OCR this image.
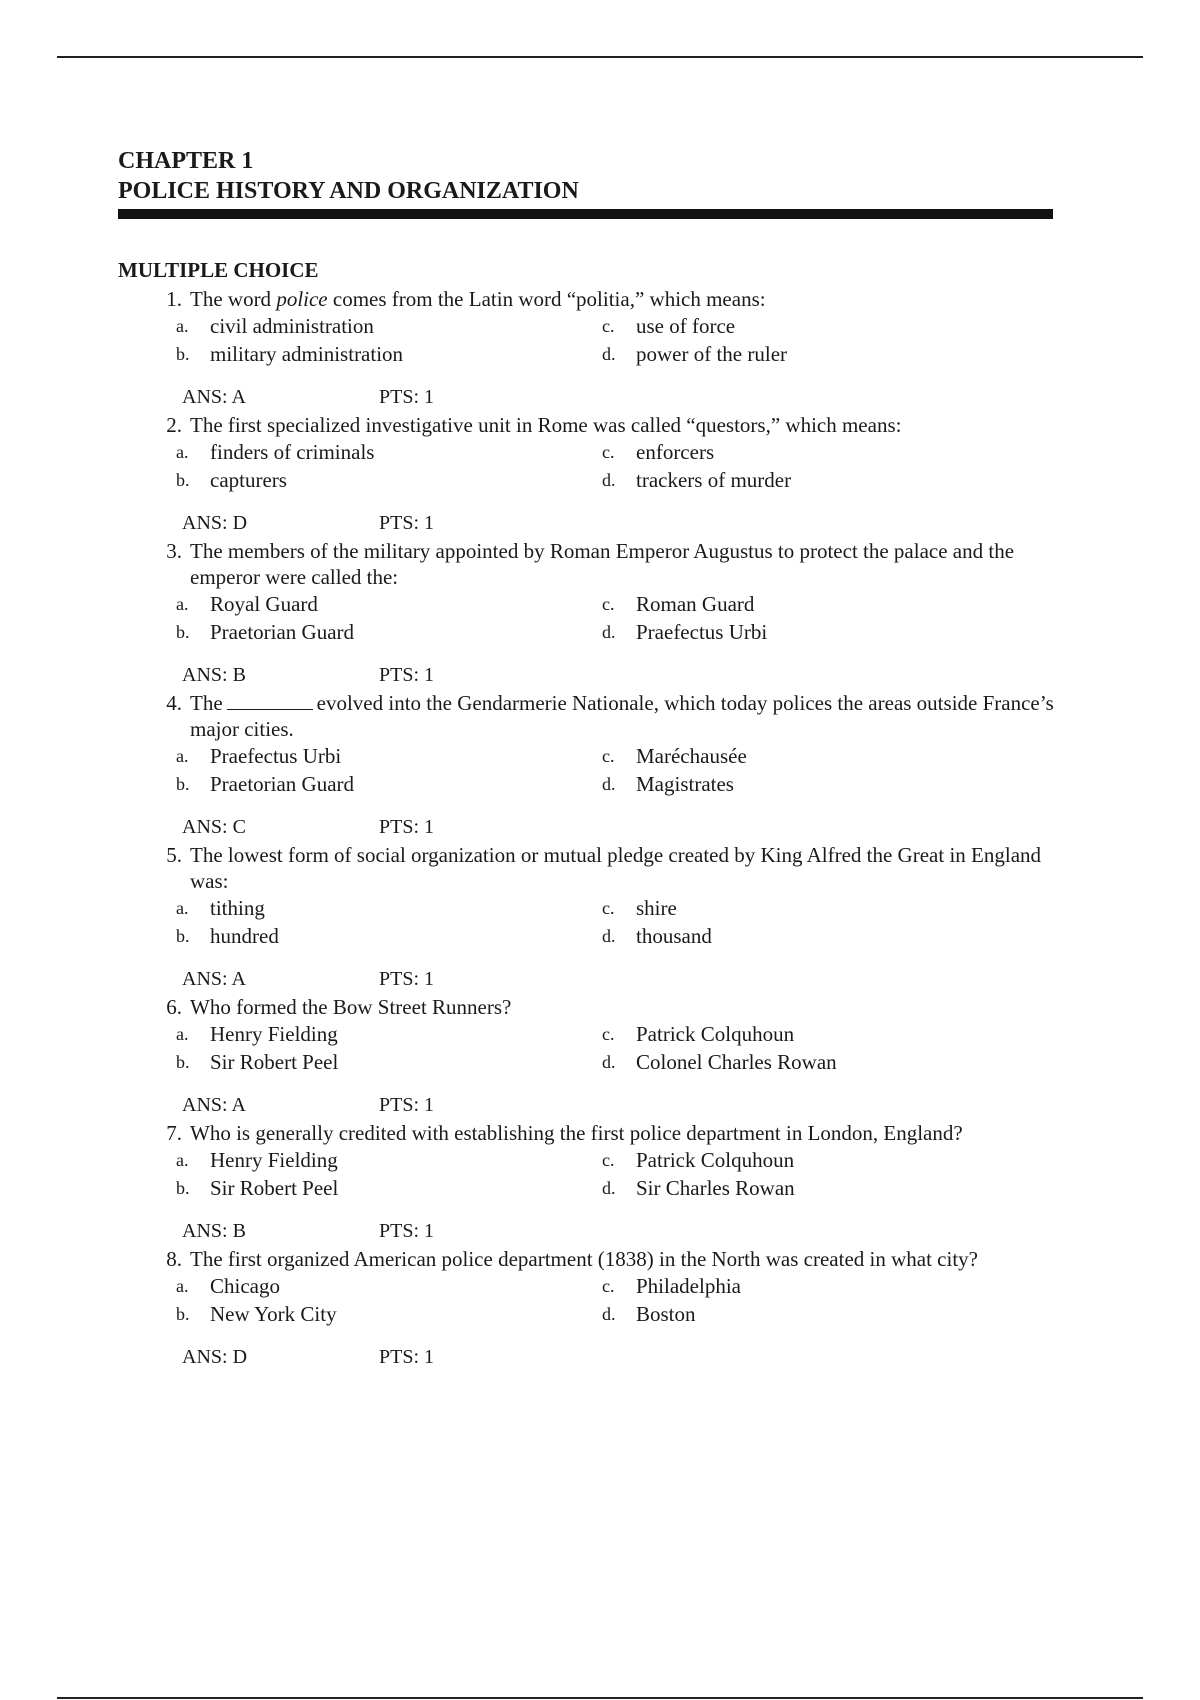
CHAPTER 1
POLICE HISTORY AND ORGANIZATION
MULTIPLE CHOICE
1. The word police comes from the Latin word “politia,” which means:
a.	civil administration	c.	use of force
b. military administration	d. power of the ruler
ANS: A	PTS: 1
2. The first specialized investigative unit in Rome was called “questors,” which means:
a.	finders of criminals	c.	enforcers
b. capturers	d. trackers of murder
ANS: D	PTS: 1
3. The members of the military appointed by Roman Emperor Augustus to protect the palace and the emperor were called the:
a.	Royal Guard	c.	Roman Guard
b. Praetorian Guard	d. Praefectus Urbi
ANS: B	PTS: 1
4. The	evolved into the Gendarmerie Nationale, which today polices the areas outside France’s major cities.
a.	Praefectus Urbi	c.	Maréchausée
b. Praetorian Guard	d. Magistrates
ANS: C	PTS: 1
5. The lowest form of social organization or mutual pledge created by King Alfred the Great in England was:
a.	tithing	c.	shire
b. hundred	d. thousand
ANS: A	PTS: 1
6. Who formed the Bow Street Runners?
a.	Henry Fielding	c.	Patrick Colquhoun
b. Sir Robert Peel	d. Colonel Charles Rowan
ANS: A	PTS: 1
7. Who is generally credited with establishing the first police department in London, England?
a.	Henry Fielding	c.	Patrick Colquhoun
b. Sir Robert Peel	d. Sir Charles Rowan
ANS: B	PTS: 1
8. The first organized American police department (1838) in the North was created in what city?
a.	Chicago	c.	Philadelphia
b. New York City	d. Boston
ANS: D	PTS: 1
